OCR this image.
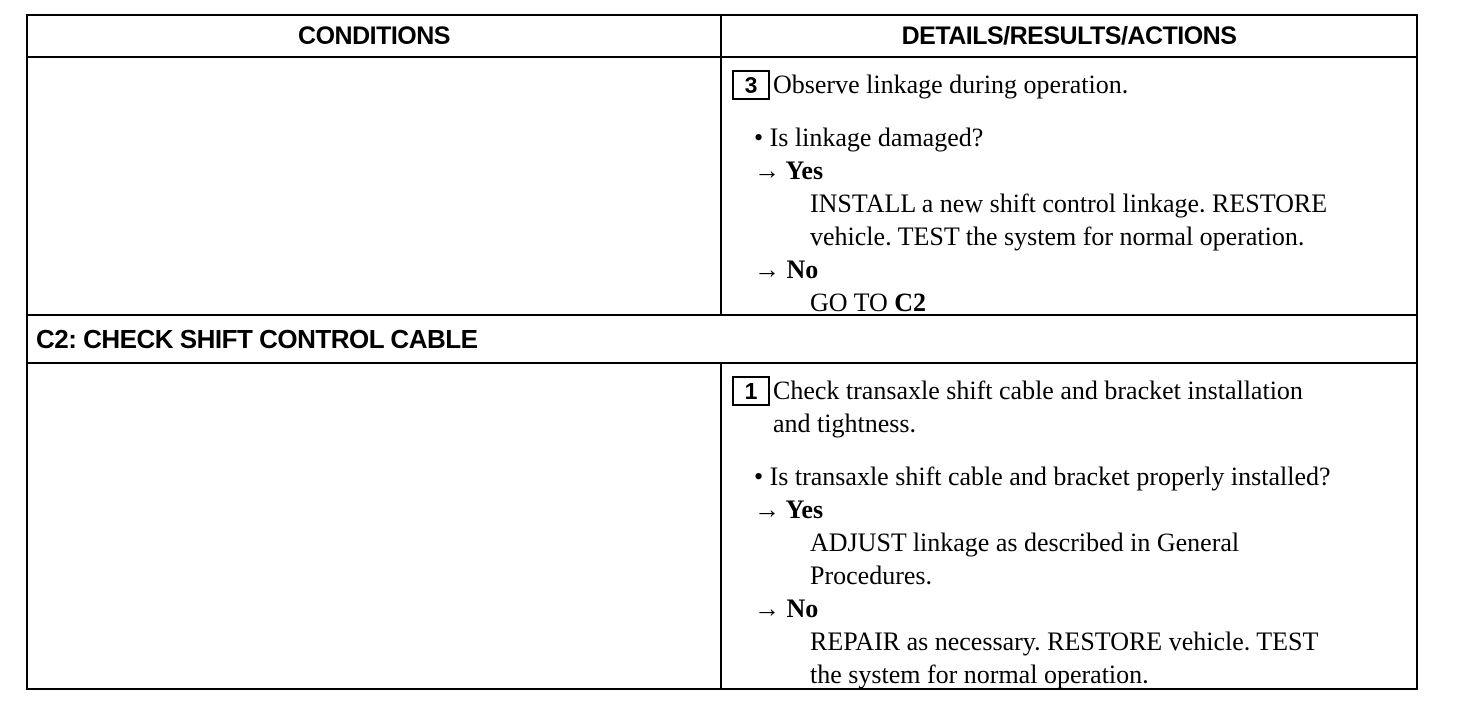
CONDITIONS	DETAILS/RESULTS/ACTIONS
3 Observe linkage during operation.
• Is linkage damaged?
→ Yes
INSTALL a new shift control linkage. RESTORE
vehicle. TEST the system for normal operation.
→ No
GO TO C2
C2: CHECK SHIFT CONTROL CABLE
1 Check transaxle shift cable and bracket installation
and tightness.
• Is transaxle shift cable and bracket properly installed?
→ Yes
ADJUST linkage as described in General
Procedures.
→ No
REPAIR as necessary. RESTORE vehicle. TEST
the system for normal operation.
